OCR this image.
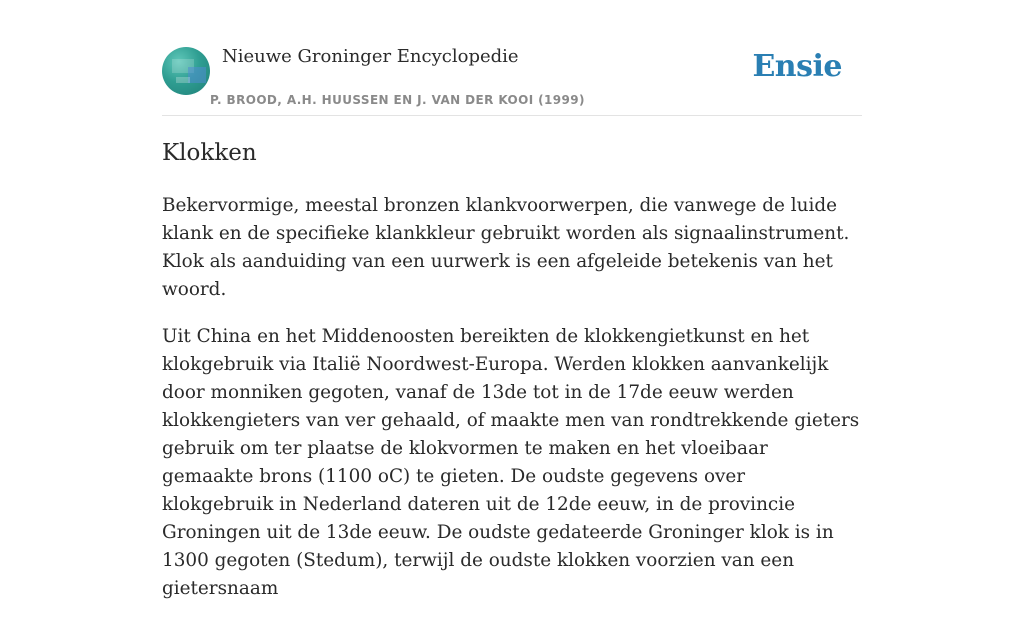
Nieuwe Groninger Encyclopedie
P. BROOD, A.H. HUUSSEN EN J. VAN DER KOOI (1999)
Ensie
Klokken

Bekervormige, meestal bronzen klankvoorwerpen, die vanwege de luide klank en de specifieke klankkleur gebruikt worden als signaalinstrument. Klok als aanduiding van een uurwerk is een afgeleide betekenis van het woord.

Uit China en het Middenoosten bereikten de klokkengietkunst en het klokgebruik via Italië Noordwest-Europa. Werden klokken aanvankelijk door monniken gegoten, vanaf de 13de tot in de 17de eeuw werden klokkengieters van ver gehaald, of maakte men van rondtrekkende gieters gebruik om ter plaatse de klokvormen te maken en het vloeibaar gemaakte brons (1100 oC) te gieten. De oudste gegevens over klokgebruik in Nederland dateren uit de 12de eeuw, in de provincie Groningen uit de 13de eeuw. De oudste gedateerde Groninger klok is in 1300 gegoten (Stedum), terwijl de oudste klokken voorzien van een gietersnaam
